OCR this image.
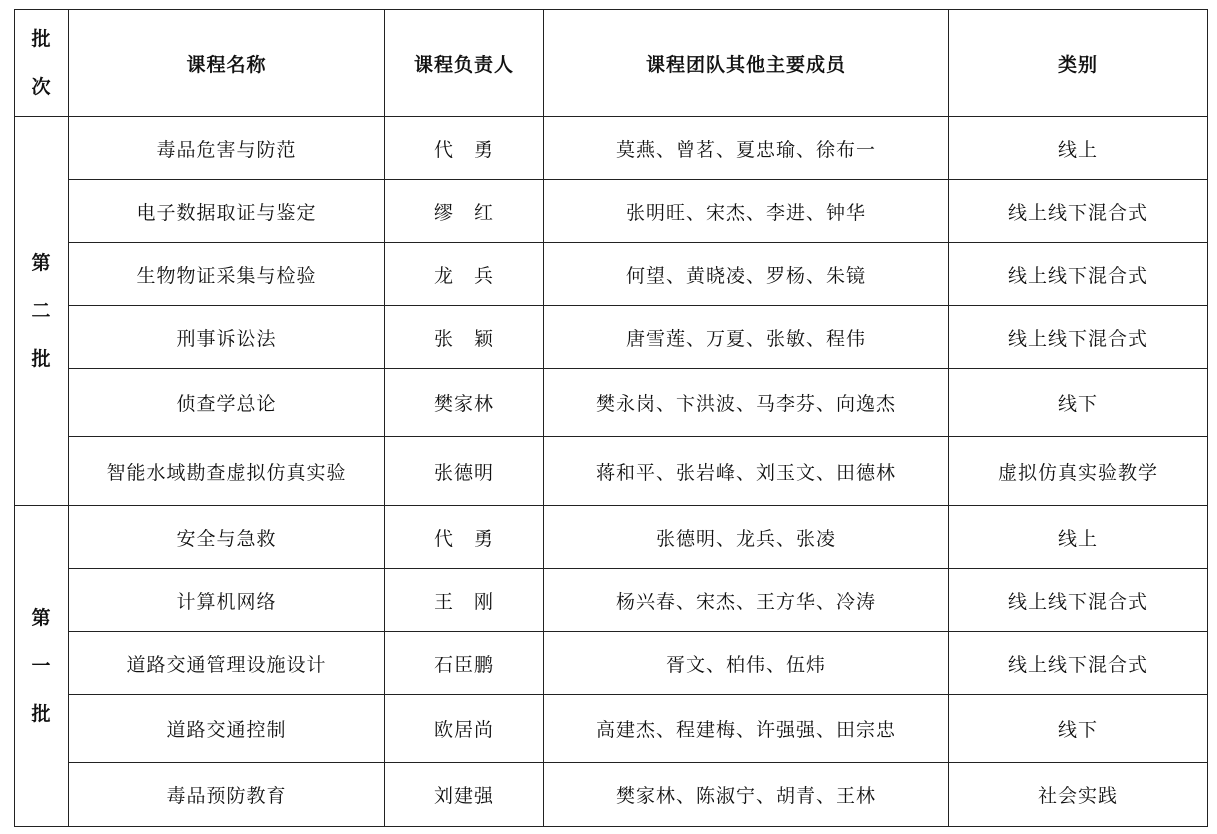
批
次	课程名称	课程负责人	课程团队其他主要成员	类别

第
二
批	毒品危害与防范	代　勇	莫燕、曾茗、夏忠瑜、徐布一	线上
	电子数据取证与鉴定	缪　红	张明旺、宋杰、李进、钟华	线上线下混合式
	生物物证采集与检验	龙　兵	何望、黄晓凌、罗杨、朱镜	线上线下混合式
	刑事诉讼法	张　颖	唐雪莲、万夏、张敏、程伟	线上线下混合式
	侦查学总论	樊家林	樊永岗、卞洪波、马李芬、向逸杰	线下
	智能水域勘查虚拟仿真实验	张德明	蒋和平、张岩峰、刘玉文、田德林	虚拟仿真实验教学

第
一
批	安全与急救	代　勇	张德明、龙兵、张凌	线上
	计算机网络	王　刚	杨兴春、宋杰、王方华、冷涛	线上线下混合式
	道路交通管理设施设计	石臣鹏	胥文、柏伟、伍炜	线上线下混合式
	道路交通控制	欧居尚	高建杰、程建梅、许强强、田宗忠	线下
	毒品预防教育	刘建强	樊家林、陈淑宁、胡青、王林	社会实践
